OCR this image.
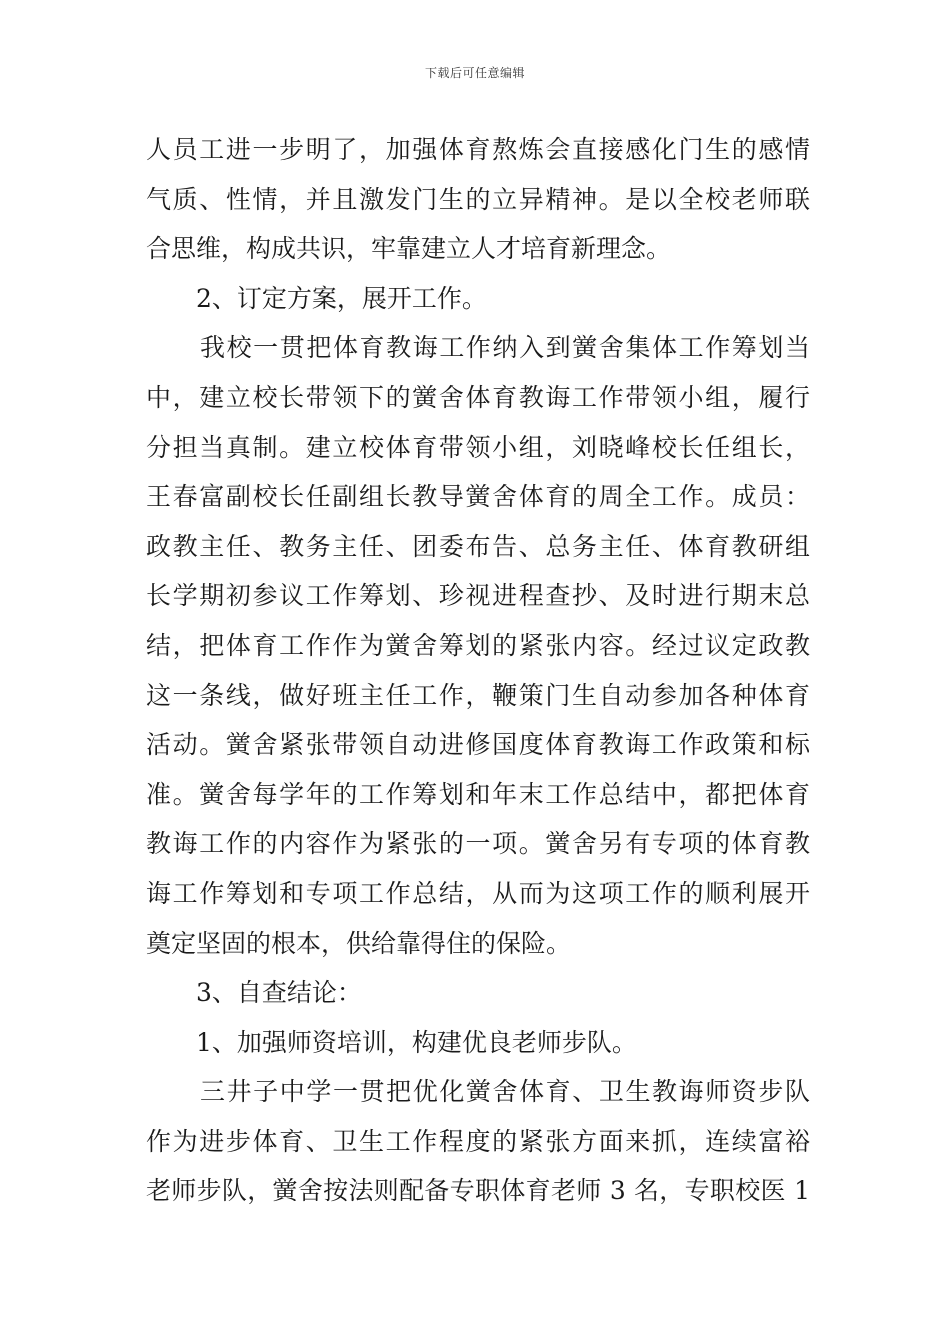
下载后可任意编辑
人员工进一步明了，加强体育熬炼会直接感化门生的感情
气质、性情，并且激发门生的立异精神。是以全校老师联
合思维，构成共识，牢靠建立人才培育新理念。
2、订定方案，展开工作。
我校一贯把体育教诲工作纳入到黉舍集体工作筹划当
中，建立校长带领下的黉舍体育教诲工作带领小组，履行
分担当真制。建立校体育带领小组，刘晓峰校长任组长，
王春富副校长任副组长教导黉舍体育的周全工作。成员：
政教主任、教务主任、团委布告、总务主任、体育教研组
长学期初参议工作筹划、珍视进程查抄、及时进行期末总
结，把体育工作作为黉舍筹划的紧张内容。经过议定政教
这一条线，做好班主任工作，鞭策门生自动参加各种体育
活动。黉舍紧张带领自动进修国度体育教诲工作政策和标
准。黉舍每学年的工作筹划和年末工作总结中，都把体育
教诲工作的内容作为紧张的一项。黉舍另有专项的体育教
诲工作筹划和专项工作总结，从而为这项工作的顺利展开
奠定坚固的根本，供给靠得住的保险。
3、自查结论：
1、加强师资培训，构建优良老师步队。
三井子中学一贯把优化黉舍体育、卫生教诲师资步队
作为进步体育、卫生工作程度的紧张方面来抓，连续富裕
老师步队，黉舍按法则配备专职体育老师 3 名，专职校医 1
